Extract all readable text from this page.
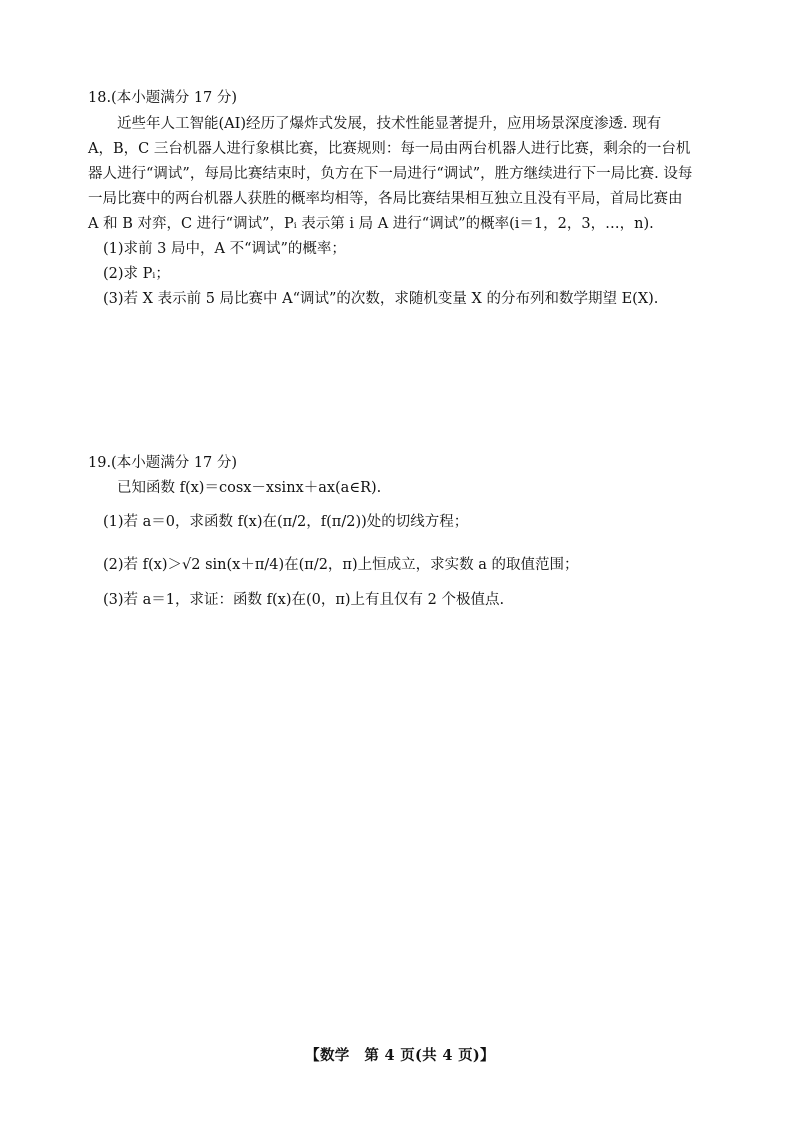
18.(本小题满分 17 分)
近些年人工智能(AI)经历了爆炸式发展，技术性能显著提升，应用场景深度渗透. 现有
A，B，C 三台机器人进行象棋比赛，比赛规则：每一局由两台机器人进行比赛，剩余的一台机
器人进行“调试”，每局比赛结束时，负方在下一局进行“调试”，胜方继续进行下一局比赛. 设每
一局比赛中的两台机器人获胜的概率均相等，各局比赛结果相互独立且没有平局，首局比赛由
A 和 B 对弈，C 进行“调试”，Pᵢ 表示第 i 局 A 进行“调试”的概率(i＝1，2，3，…，n).
(1)求前 3 局中，A 不“调试”的概率；
(2)求 Pᵢ；
(3)若 X 表示前 5 局比赛中 A“调试”的次数，求随机变量 X 的分布列和数学期望 E(X).
19.(本小题满分 17 分)
已知函数 f(x)＝cosx－xsinx＋ax(a∈R).
(1)若 a＝0，求函数 f(x)在(π/2，f(π/2))处的切线方程；
(2)若 f(x)＞√2 sin(x＋π/4)在(π/2，π)上恒成立，求实数 a 的取值范围；
(3)若 a＝1，求证：函数 f(x)在(0，π)上有且仅有 2 个极值点.
【数学　第 4 页(共 4 页)】
